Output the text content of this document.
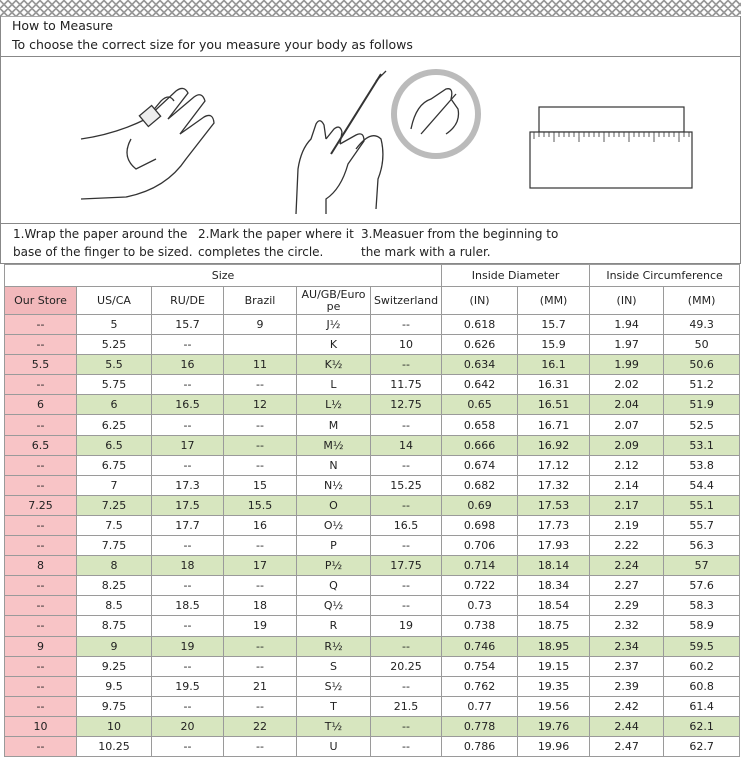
How to Measure
To choose the correct size for you measure your body as follows
1.Wrap the paper around the
base of the finger to be sized.
2.Mark the paper where it
completes the circle.
3.Measuer from the beginning to
the mark with a ruler.
Size						Inside Diameter		Inside Circumference	
Our Store	US/CA	RU/DE	Brazil	AU/GB/Euro pe	Switzerland	(IN)	(MM)	(IN)	(MM)
--	5	15.7	9	J½	--	0.618	15.7	1.94	49.3
--	5.25	--		K	10	0.626	15.9	1.97	50
5.5	5.5	16	11	K½	--	0.634	16.1	1.99	50.6
--	5.75	--	--	L	11.75	0.642	16.31	2.02	51.2
6	6	16.5	12	L½	12.75	0.65	16.51	2.04	51.9
--	6.25	--	--	M	--	0.658	16.71	2.07	52.5
6.5	6.5	17	--	M½	14	0.666	16.92	2.09	53.1
--	6.75	--	--	N	--	0.674	17.12	2.12	53.8
--	7	17.3	15	N½	15.25	0.682	17.32	2.14	54.4
7.25	7.25	17.5	15.5	O	--	0.69	17.53	2.17	55.1
--	7.5	17.7	16	O½	16.5	0.698	17.73	2.19	55.7
--	7.75	--	--	P	--	0.706	17.93	2.22	56.3
8	8	18	17	P½	17.75	0.714	18.14	2.24	57
--	8.25	--	--	Q	--	0.722	18.34	2.27	57.6
--	8.5	18.5	18	Q½	--	0.73	18.54	2.29	58.3
--	8.75	--	19	R	19	0.738	18.75	2.32	58.9
9	9	19	--	R½	--	0.746	18.95	2.34	59.5
--	9.25	--	--	S	20.25	0.754	19.15	2.37	60.2
--	9.5	19.5	21	S½	--	0.762	19.35	2.39	60.8
--	9.75	--	--	T	21.5	0.77	19.56	2.42	61.4
10	10	20	22	T½	--	0.778	19.76	2.44	62.1
--	10.25	--	--	U	--	0.786	19.96	2.47	62.7
